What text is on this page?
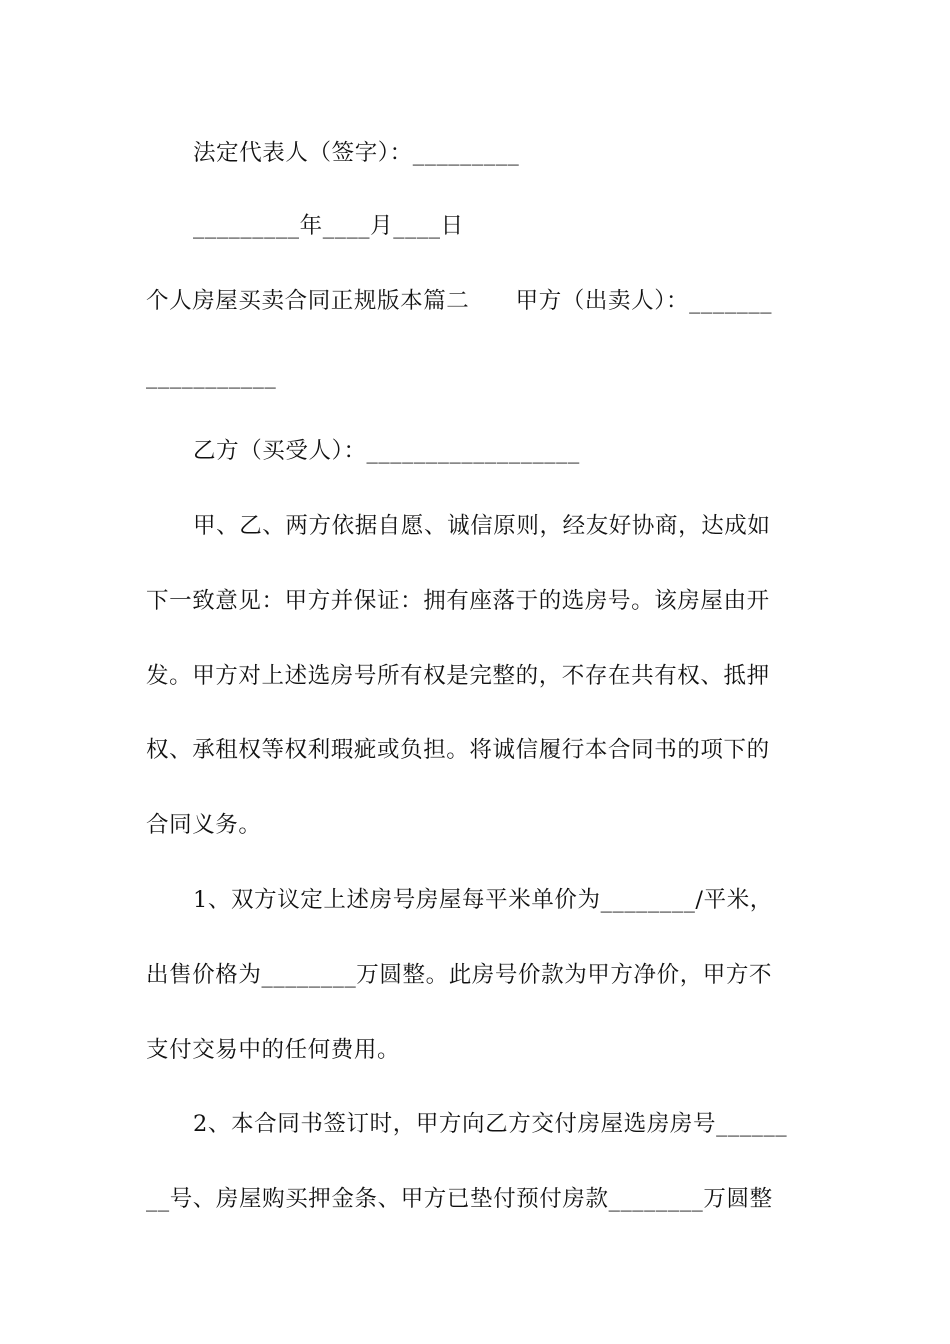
法定代表人（签字）：_________
_________年____月____日
个人房屋买卖合同正规版本篇二　　甲方（出卖人）：_______
___________
乙方（买受人）：__________________
甲、乙、两方依据自愿、诚信原则，经友好协商，达成如
下一致意见：甲方并保证：拥有座落于的选房号。该房屋由开
发。甲方对上述选房号所有权是完整的，不存在共有权、抵押
权、承租权等权利瑕疵或负担。将诚信履行本合同书的项下的
合同义务。
1、双方议定上述房号房屋每平米单价为________/平米，
出售价格为________万圆整。此房号价款为甲方净价，甲方不
支付交易中的任何费用。
2、本合同书签订时，甲方向乙方交付房屋选房房号______
__号、房屋购买押金条、甲方已垫付预付房款________万圆整
